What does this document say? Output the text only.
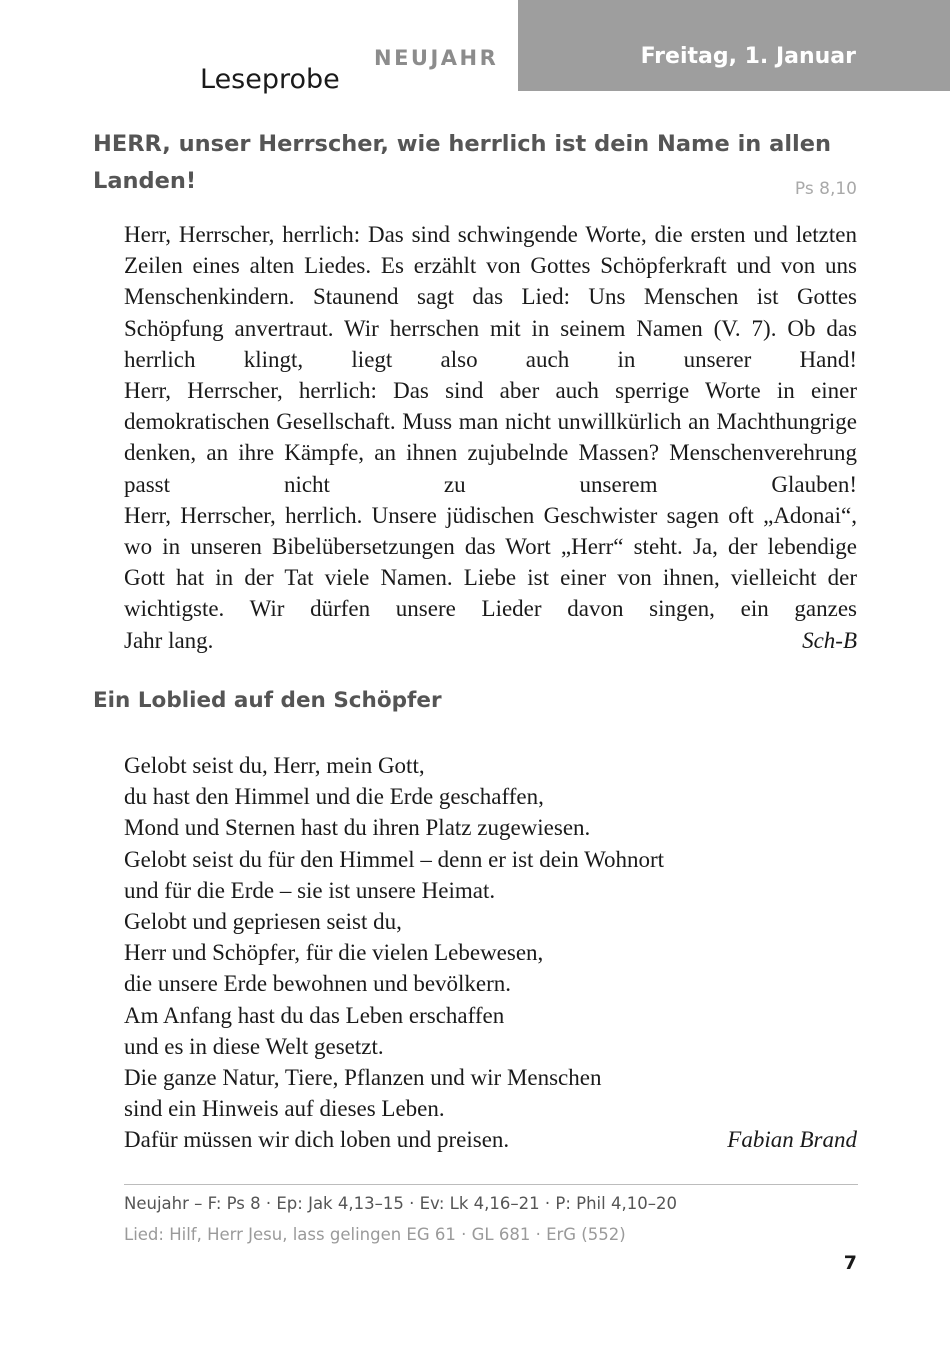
Leseprobe
NEUJAHR	Freitag, 1. Januar
HERR, unser Herrscher, wie herrlich ist dein Name in allen
Landen!	Ps 8,10

Herr, Herrscher, herrlich: Das sind schwingende Worte, die ersten und letzten Zeilen eines alten Liedes. Es erzählt von Gottes Schöpferkraft und von uns Menschenkindern. Staunend sagt das Lied: Uns Menschen ist Gottes Schöpfung anvertraut. Wir herrschen mit in seinem Namen (V. 7). Ob das herrlich klingt, liegt also auch in unserer Hand!

Herr, Herrscher, herrlich: Das sind aber auch sperrige Worte in einer demokratischen Gesellschaft. Muss man nicht unwillkürlich an Machthungrige denken, an ihre Kämpfe, an ihnen zujubelnde Massen? Menschenverehrung passt nicht zu unserem Glauben!

Herr, Herrscher, herrlich. Unsere jüdischen Geschwister sagen oft „Adonai“, wo in unseren Bibelübersetzungen das Wort „Herr“ steht. Ja, der lebendige Gott hat in der Tat viele Namen. Liebe ist einer von ihnen, vielleicht der wichtigste. Wir dürfen unsere Lieder davon singen, ein ganzes

Jahr lang.	Sch-B
Ein Loblied auf den Schöpfer
Gelobt seist du, Herr, mein Gott,
du hast den Himmel und die Erde geschaffen,
Mond und Sternen hast du ihren Platz zugewiesen.
Gelobt seist du für den Himmel – denn er ist dein Wohnort
und für die Erde – sie ist unsere Heimat.
Gelobt und gepriesen seist du,
Herr und Schöpfer, für die vielen Lebewesen,
die unsere Erde bewohnen und bevölkern.
Am Anfang hast du das Leben erschaffen
und es in diese Welt gesetzt.
Die ganze Natur, Tiere, Pflanzen und wir Menschen
sind ein Hinweis auf dieses Leben.
Dafür müssen wir dich loben und preisen.	Fabian Brand
Neujahr – F: Ps 8 · Ep: Jak 4,13–15 · Ev: Lk 4,16–21 · P: Phil 4,10–20
Lied: Hilf, Herr Jesu, lass gelingen EG 61 · GL 681 · ErG (552)
7
